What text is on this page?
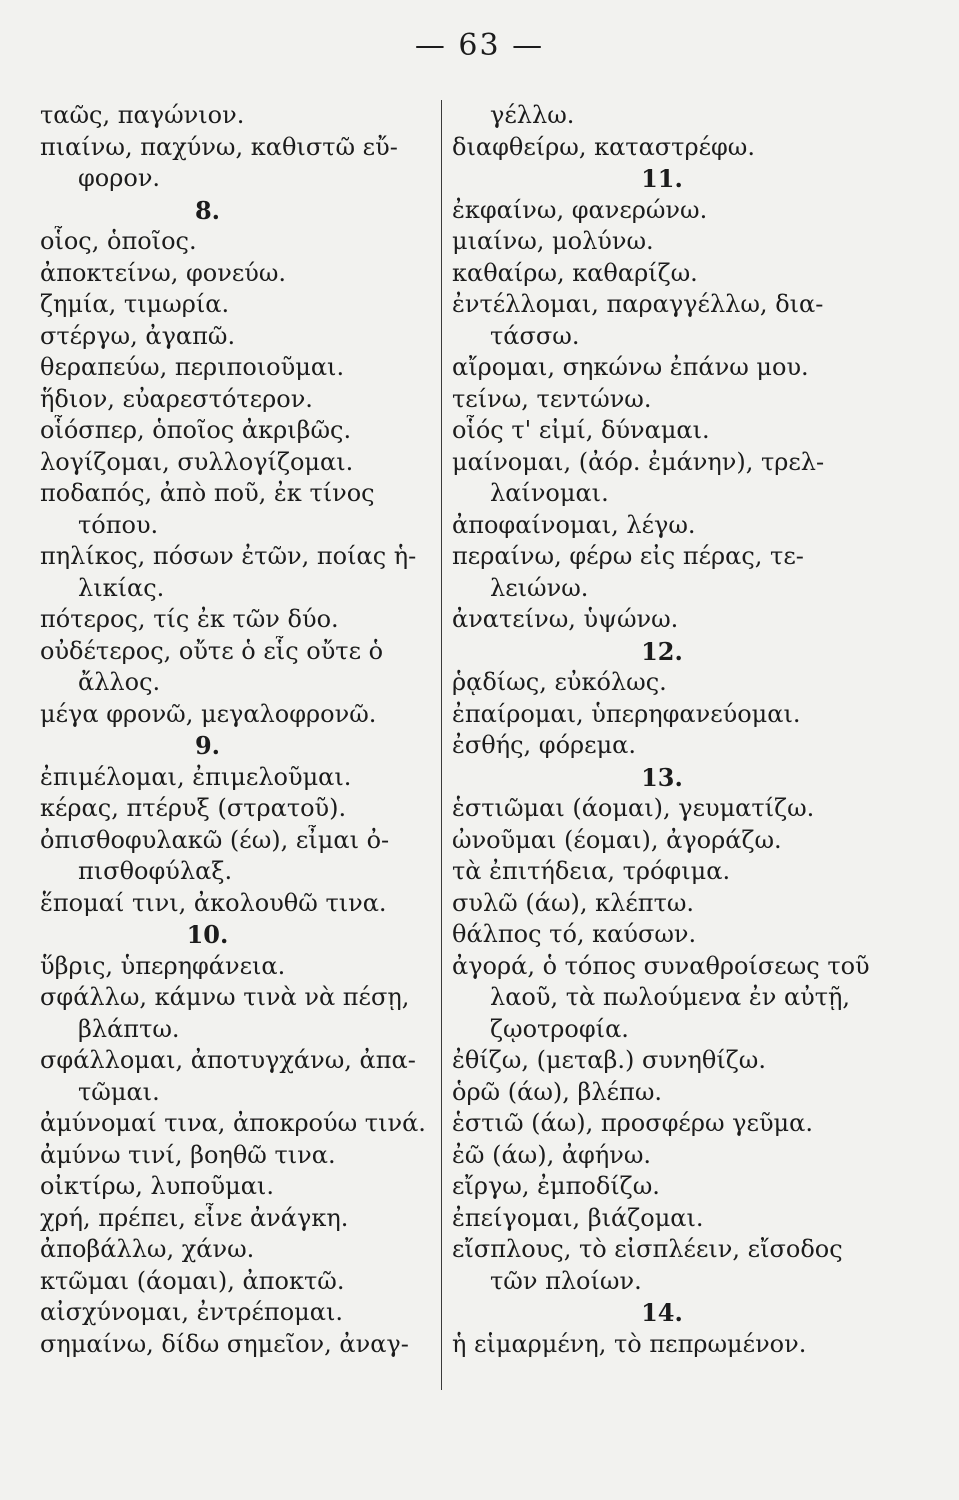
— 63 —
ταῶς, παγώνιον.
πιαίνω, παχύνω, καθιστῶ εὔ-
φορον.
8.
οἷος, ὁποῖος.
ἀποκτείνω, φονεύω.
ζημία, τιμωρία.
στέργω, ἀγαπῶ.
θεραπεύω, περιποιοῦμαι.
ἥδιον, εὐαρεστότερον.
οἷόσπερ, ὁποῖος ἀκριβῶς.
λογίζομαι, συλλογίζομαι.
ποδαπός, ἀπὸ ποῦ, ἐκ τίνος
τόπου.
πηλίκος, πόσων ἐτῶν, ποίας ἡ-
λικίας.
πότερος, τίς ἐκ τῶν δύο.
οὐδέτερος, οὔτε ὁ εἷς οὔτε ὁ
ἄλλος.
μέγα φρονῶ, μεγαλοφρονῶ.
9.
ἐπιμέλομαι, ἐπιμελοῦμαι.
κέρας, πτέρυξ (στρατοῦ).
ὀπισθοφυλακῶ (έω), εἶμαι ὀ-
πισθοφύλαξ.
ἕπομαί τινι, ἀκολουθῶ τινα.
10.
ὕβρις, ὑπερηφάνεια.
σφάλλω, κάμνω τινὰ νὰ πέσῃ,
βλάπτω.
σφάλλομαι, ἀποτυγχάνω, ἀπα-
τῶμαι.
ἀμύνομαί τινα, ἀποκρούω τινά.
ἀμύνω τινί, βοηθῶ τινα.
οἰκτίρω, λυποῦμαι.
χρή, πρέπει, εἶνε ἀνάγκη.
ἀποβάλλω, χάνω.
κτῶμαι (άομαι), ἀποκτῶ.
αἰσχύνομαι, ἐντρέπομαι.
σημαίνω, δίδω σημεῖον, ἀναγ-
γέλλω.
διαφθείρω, καταστρέφω.
11.
ἐκφαίνω, φανερώνω.
μιαίνω, μολύνω.
καθαίρω, καθαρίζω.
ἐντέλλομαι, παραγγέλλω, δια-
τάσσω.
αἴρομαι, σηκώνω ἐπάνω μου.
τείνω, τεντώνω.
οἷός τ' εἰμί, δύναμαι.
μαίνομαι, (ἀόρ. ἐμάνην), τρελ-
λαίνομαι.
ἀποφαίνομαι, λέγω.
περαίνω, φέρω εἰς πέρας, τε-
λειώνω.
ἀνατείνω, ὑψώνω.
12.
ῥᾳδίως, εὐκόλως.
ἐπαίρομαι, ὑπερηφανεύομαι.
ἐσθής, φόρεμα.
13.
ἑστιῶμαι (άομαι), γευματίζω.
ὠνοῦμαι (έομαι), ἀγοράζω.
τὰ ἐπιτήδεια, τρόφιμα.
συλῶ (άω), κλέπτω.
θάλπος τό, καύσων.
ἀγορά, ὁ τόπος συναθροίσεως τοῦ
λαοῦ, τὰ πωλούμενα ἐν αὐτῇ,
ζῳοτροφία.
ἐθίζω, (μεταβ.) συνηθίζω.
ὁρῶ (άω), βλέπω.
ἑστιῶ (άω), προσφέρω γεῦμα.
ἐῶ (άω), ἀφήνω.
εἴργω, ἐμποδίζω.
ἐπείγομαι, βιάζομαι.
εἴσπλους, τὸ εἰσπλέειν, εἴσοδος
τῶν πλοίων.
14.
ἡ εἱμαρμένη, τὸ πεπρωμένον.
